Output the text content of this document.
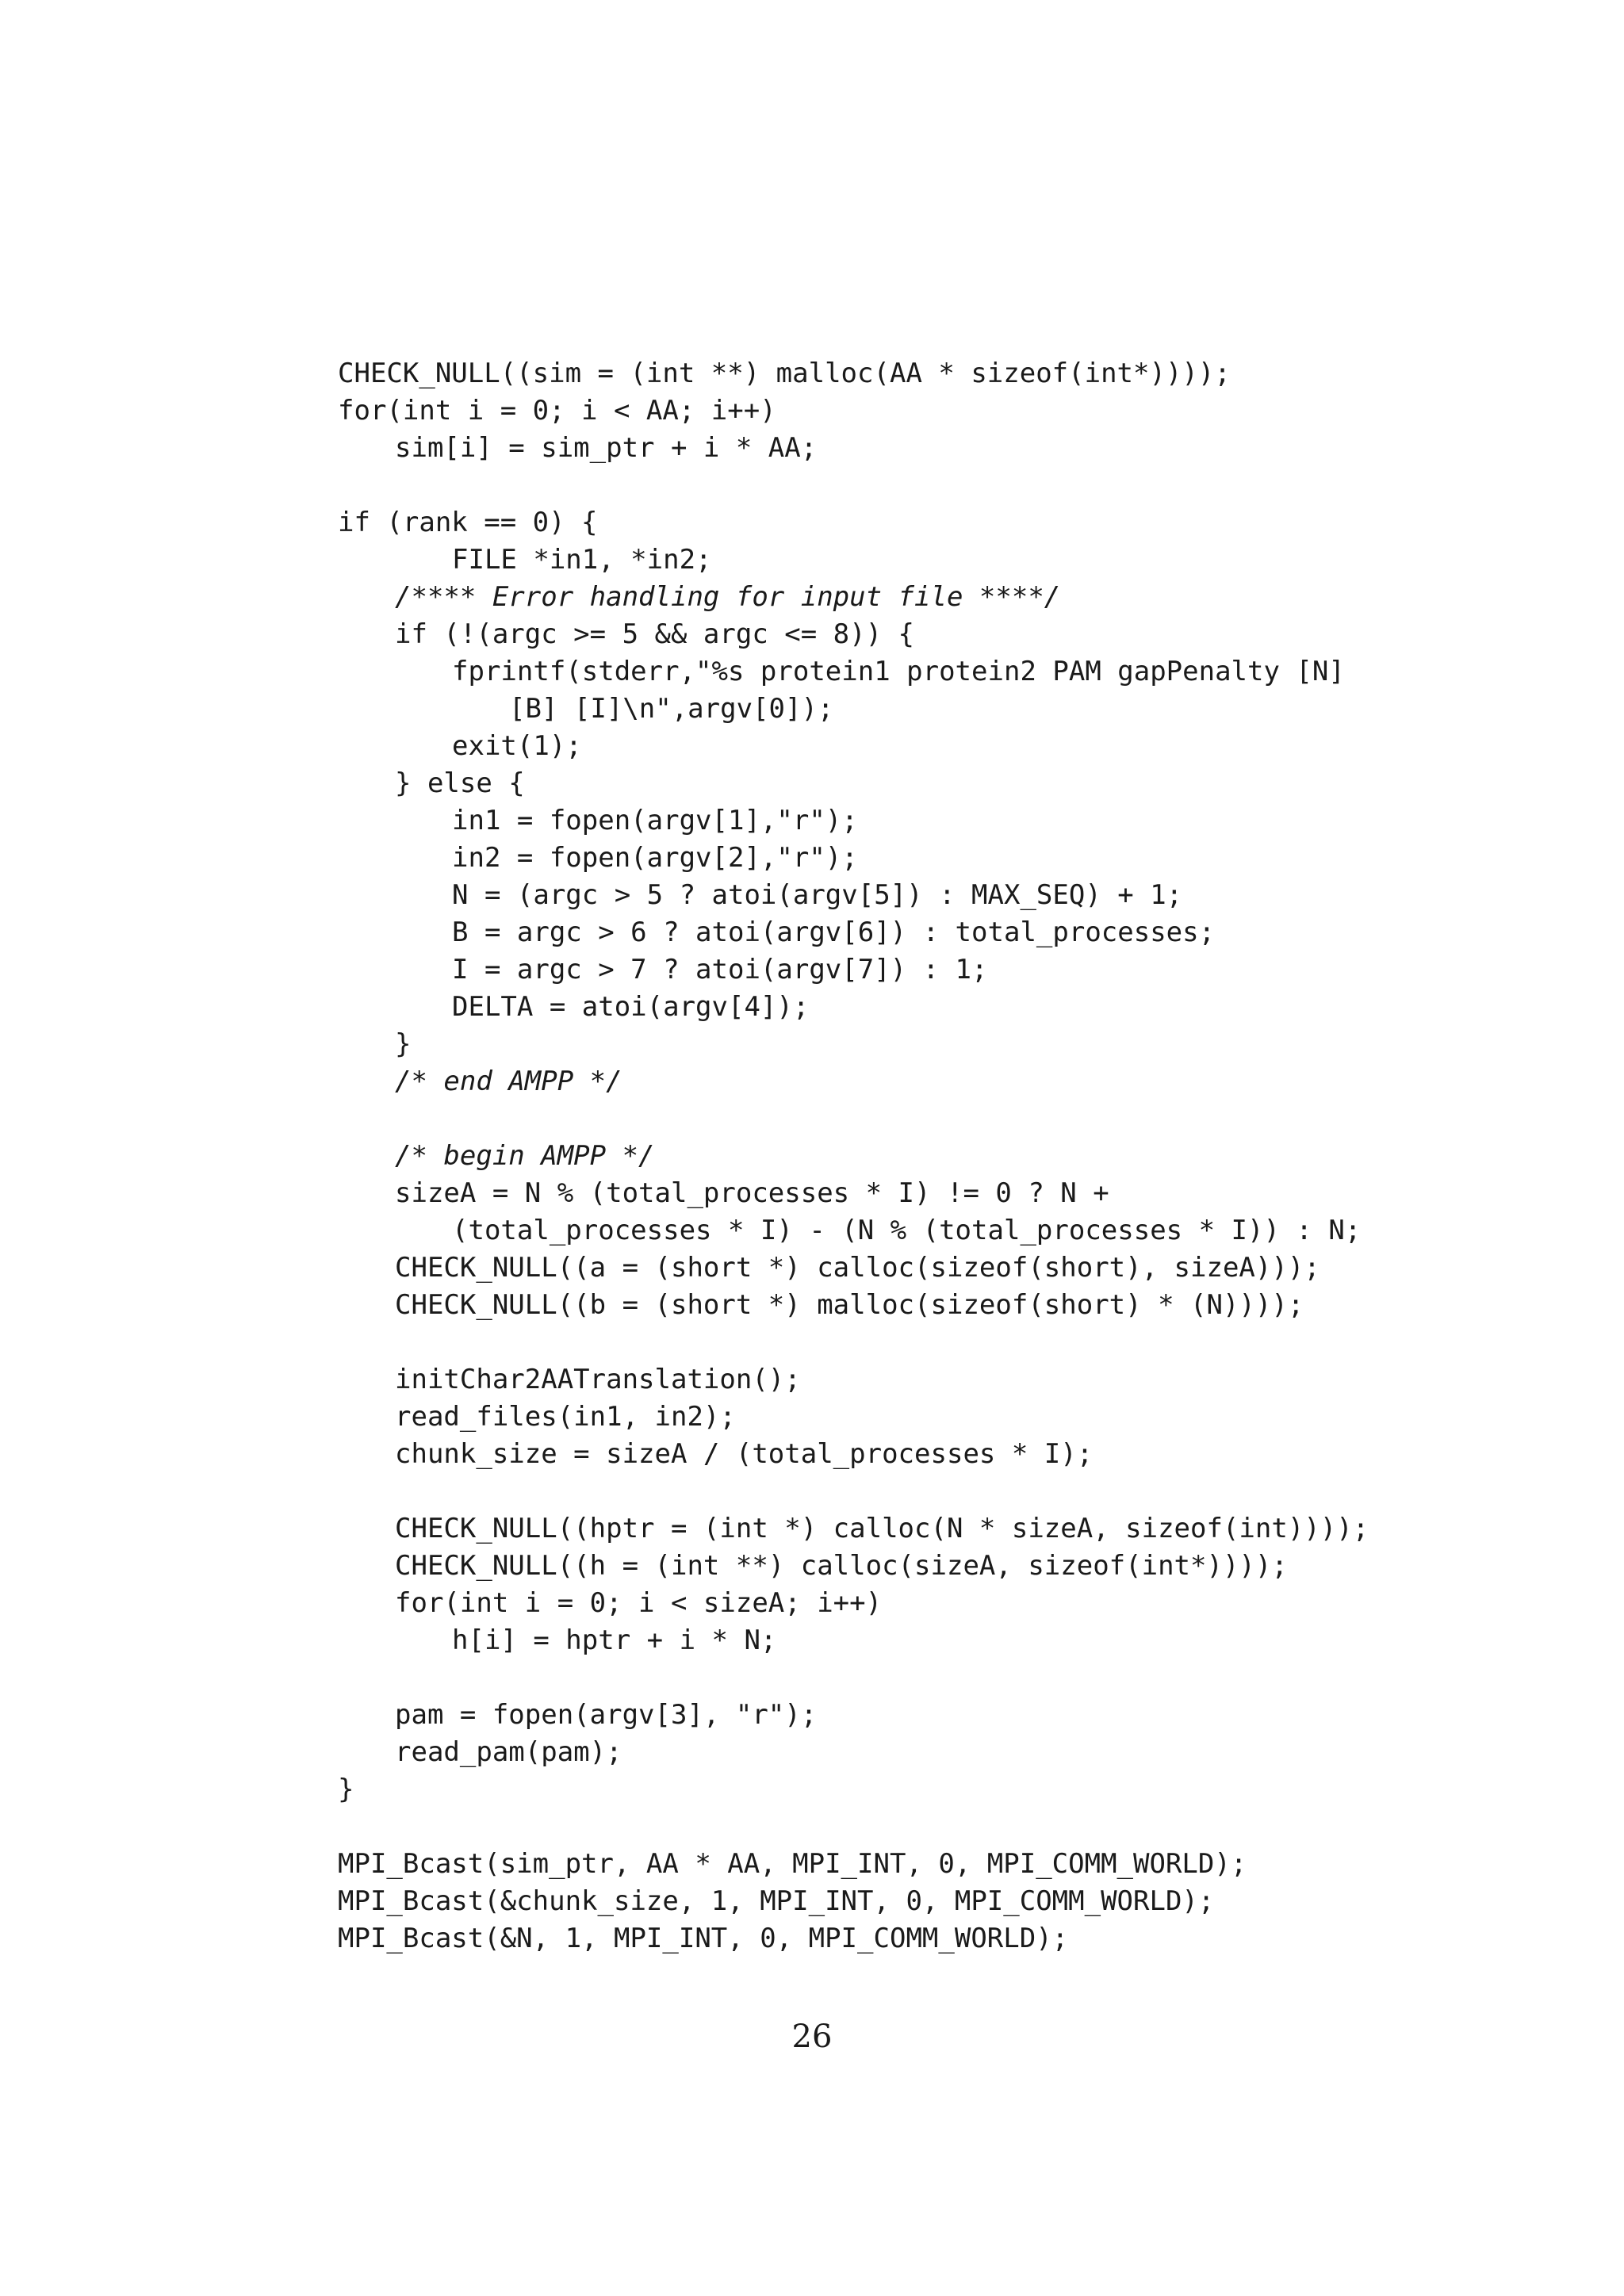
CHECK_NULL((sim = (int **) malloc(AA * sizeof(int*))));
for(int i = 0; i < AA; i++)
sim[i] = sim_ptr + i * AA;
if (rank == 0) {
FILE *in1, *in2;
/**** Error handling for input file ****/
if (!(argc >= 5 && argc <= 8)) {
fprintf(stderr,"%s protein1 protein2 PAM gapPenalty [N]
[B] [I]\n",argv[0]);
exit(1);
} else {
in1 = fopen(argv[1],"r");
in2 = fopen(argv[2],"r");
N = (argc > 5 ? atoi(argv[5]) : MAX_SEQ) + 1;
B = argc > 6 ? atoi(argv[6]) : total_processes;
I = argc > 7 ? atoi(argv[7]) : 1;
DELTA = atoi(argv[4]);
}
/* end AMPP */
/* begin AMPP */
sizeA = N % (total_processes * I) != 0 ? N +
(total_processes * I) - (N % (total_processes * I)) : N;
CHECK_NULL((a = (short *) calloc(sizeof(short), sizeA)));
CHECK_NULL((b = (short *) malloc(sizeof(short) * (N))));
initChar2AATranslation();
read_files(in1, in2);
chunk_size = sizeA / (total_processes * I);
CHECK_NULL((hptr = (int *) calloc(N * sizeA, sizeof(int))));
CHECK_NULL((h = (int **) calloc(sizeA, sizeof(int*))));
for(int i = 0; i < sizeA; i++)
h[i] = hptr + i * N;
pam = fopen(argv[3], "r");
read_pam(pam);
}
MPI_Bcast(sim_ptr, AA * AA, MPI_INT, 0, MPI_COMM_WORLD);
MPI_Bcast(&chunk_size, 1, MPI_INT, 0, MPI_COMM_WORLD);
MPI_Bcast(&N, 1, MPI_INT, 0, MPI_COMM_WORLD);
26
